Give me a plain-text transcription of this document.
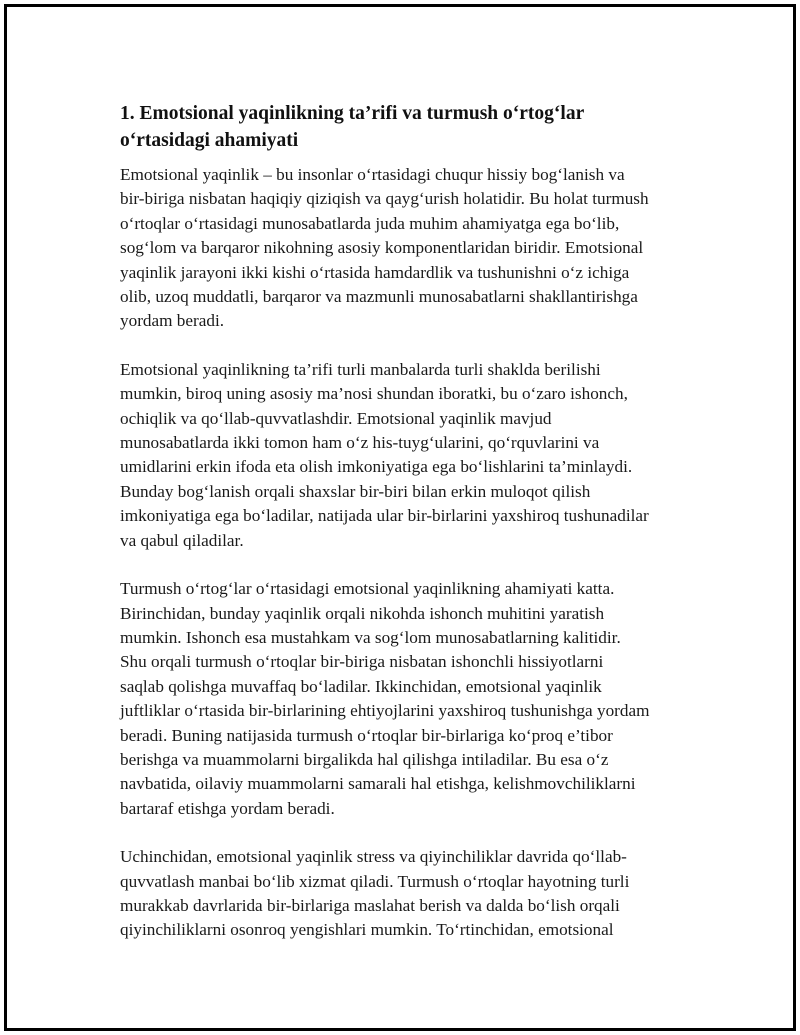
1. Emotsional yaqinlikning ta’rifi va turmush o‘rtog‘lar
o‘rtasidagi ahamiyati

Emotsional yaqinlik – bu insonlar o‘rtasidagi chuqur hissiy bog‘lanish va
bir-biriga nisbatan haqiqiy qiziqish va qayg‘urish holatidir. Bu holat turmush
o‘rtoqlar o‘rtasidagi munosabatlarda juda muhim ahamiyatga ega bo‘lib,
sog‘lom va barqaror nikohning asosiy komponentlaridan biridir. Emotsional
yaqinlik jarayoni ikki kishi o‘rtasida hamdardlik va tushunishni o‘z ichiga
olib, uzoq muddatli, barqaror va mazmunli munosabatlarni shakllantirishga
yordam beradi.

Emotsional yaqinlikning ta’rifi turli manbalarda turli shaklda berilishi
mumkin, biroq uning asosiy ma’nosi shundan iboratki, bu o‘zaro ishonch,
ochiqlik va qo‘llab-quvvatlashdir. Emotsional yaqinlik mavjud
munosabatlarda ikki tomon ham o‘z his-tuyg‘ularini, qo‘rquvlarini va
umidlarini erkin ifoda eta olish imkoniyatiga ega bo‘lishlarini ta’minlaydi.
Bunday bog‘lanish orqali shaxslar bir-biri bilan erkin muloqot qilish
imkoniyatiga ega bo‘ladilar, natijada ular bir-birlarini yaxshiroq tushunadilar
va qabul qiladilar.

Turmush o‘rtog‘lar o‘rtasidagi emotsional yaqinlikning ahamiyati katta.
Birinchidan, bunday yaqinlik orqali nikohda ishonch muhitini yaratish
mumkin. Ishonch esa mustahkam va sog‘lom munosabatlarning kalitidir.
Shu orqali turmush o‘rtoqlar bir-biriga nisbatan ishonchli hissiyotlarni
saqlab qolishga muvaffaq bo‘ladilar. Ikkinchidan, emotsional yaqinlik
juftliklar o‘rtasida bir-birlarining ehtiyojlarini yaxshiroq tushunishga yordam
beradi. Buning natijasida turmush o‘rtoqlar bir-birlariga ko‘proq e’tibor
berishga va muammolarni birgalikda hal qilishga intiladilar. Bu esa o‘z
navbatida, oilaviy muammolarni samarali hal etishga, kelishmovchiliklarni
bartaraf etishga yordam beradi.

Uchinchidan, emotsional yaqinlik stress va qiyinchiliklar davrida qo‘llab-
quvvatlash manbai bo‘lib xizmat qiladi. Turmush o‘rtoqlar hayotning turli
murakkab davrlarida bir-birlariga maslahat berish va dalda bo‘lish orqali
qiyinchiliklarni osonroq yengishlari mumkin. To‘rtinchidan, emotsional
